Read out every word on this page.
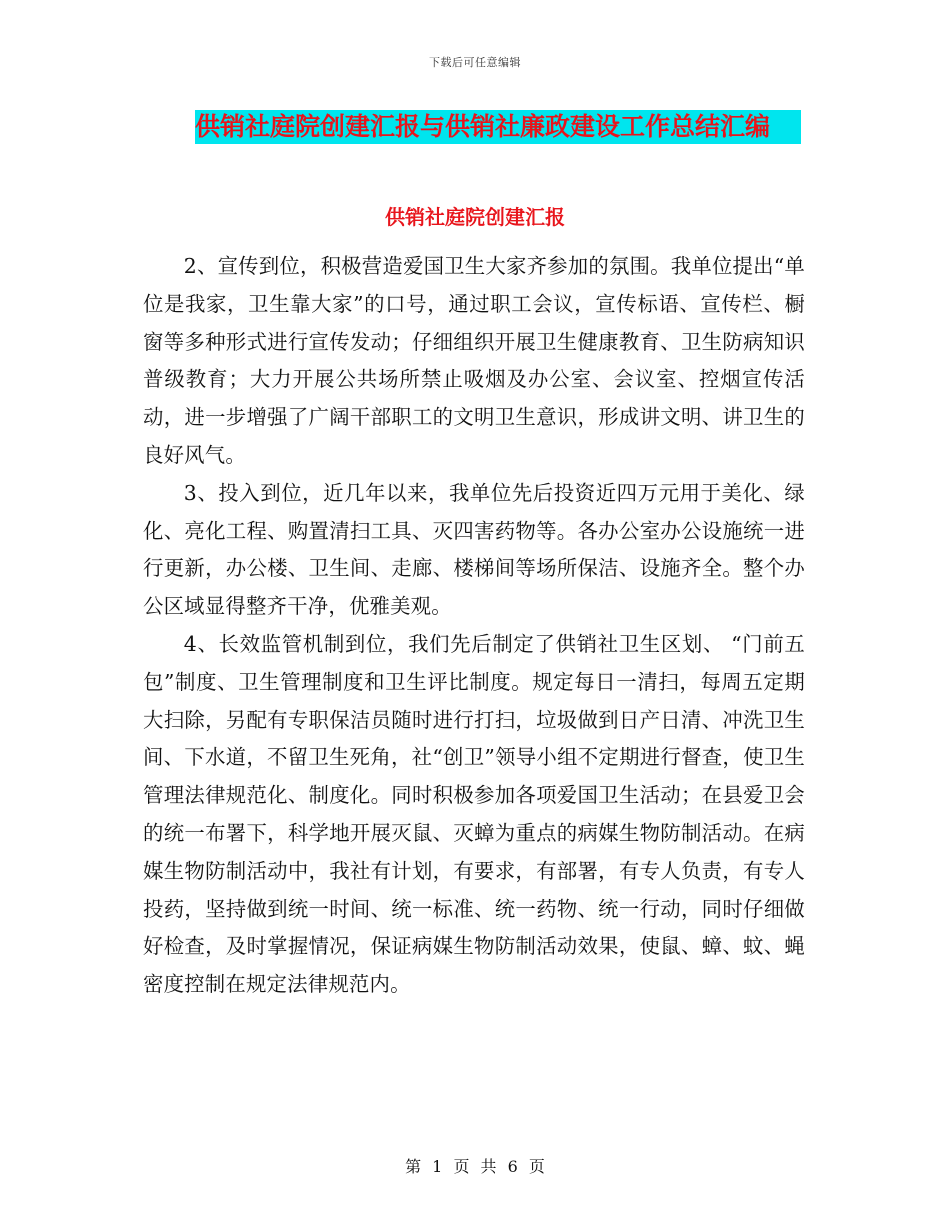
下载后可任意编辑
供销社庭院创建汇报与供销社廉政建设工作总结汇编
供销社庭院创建汇报

2、宣传到位，积极营造爱国卫生大家齐参加的氛围。我单位提出“单位是我家，卫生靠大家”的口号，通过职工会议，宣传标语、宣传栏、橱窗等多种形式进行宣传发动；仔细组织开展卫生健康教育、卫生防病知识普级教育；大力开展公共场所禁止吸烟及办公室、会议室、控烟宣传活动，进一步增强了广阔干部职工的文明卫生意识，形成讲文明、讲卫生的良好风气。

3、投入到位，近几年以来，我单位先后投资近四万元用于美化、绿化、亮化工程、购置清扫工具、灭四害药物等。各办公室办公设施统一进行更新，办公楼、卫生间、走廊、楼梯间等场所保洁、设施齐全。整个办公区域显得整齐干净，优雅美观。

4、长效监管机制到位，我们先后制定了供销社卫生区划、 “门前五包”制度、卫生管理制度和卫生评比制度。规定每日一清扫，每周五定期大扫除，另配有专职保洁员随时进行打扫，垃圾做到日产日清、冲洗卫生间、下水道，不留卫生死角，社“创卫”领导小组不定期进行督查，使卫生管理法律规范化、制度化。同时积极参加各项爱国卫生活动；在县爱卫会的统一布署下，科学地开展灭鼠、灭蟑为重点的病媒生物防制活动。在病媒生物防制活动中，我社有计划，有要求，有部署，有专人负责，有专人投药，坚持做到统一时间、统一标准、统一药物、统一行动，同时仔细做好检查，及时掌握情况，保证病媒生物防制活动效果，使鼠、蟑、蚊、蝇密度控制在规定法律规范内。

第 1 页 共 6 页
